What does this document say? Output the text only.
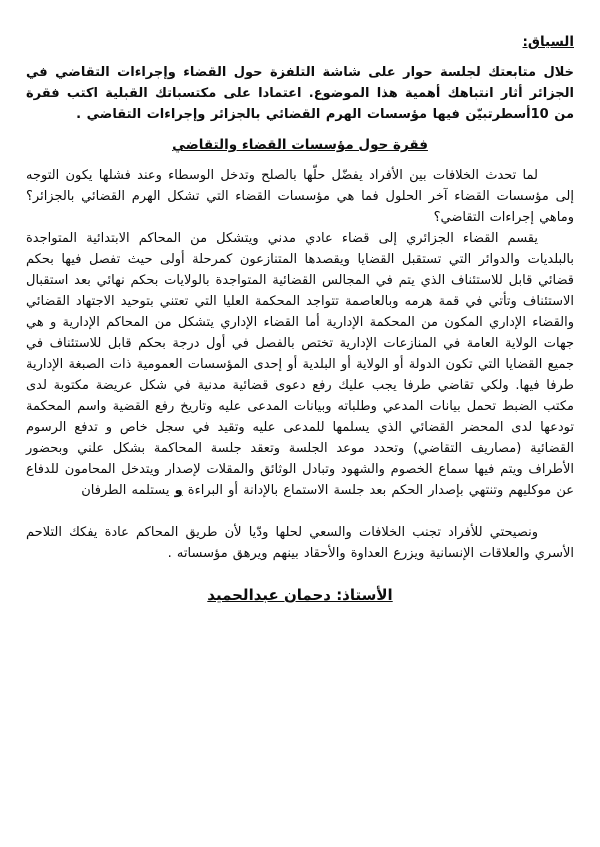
السياق:

خلال متابعتك لجلسة حوار على شاشة التلفزة حول القضاء وإجراءات التقاضي في الجزائر أثار انتباهك أهمية هذا الموضوع. اعتمادا على مكتسباتك القبلية اكتب فقرة من 10أسطرتبيّن فيها مؤسسات الهرم القضائي بالجزائر وإجراءات التقاضي .

فقرة حول مؤسسات القضاء والتقاضي

لما تحدث الخلافات بين الأفراد يفضّل حلّها بالصلح وتدخل الوسطاء وعند فشلها يكون التوجه إلى مؤسسات القضاء آخر الحلول فما هي مؤسسات القضاء التي تشكل الهرم القضائي بالجزائر؟ وماهي إجراءات التقاضي؟

يقسم القضاء الجزائري إلى قضاء عادي مدني ويتشكل من المحاكم الابتدائية المتواجدة بالبلديات والدوائر التي تستقبل القضايا ويقصدها المتنازعون كمرحلة أولى حيث تفصل فيها بحكم قضائي قابل للاستئناف الذي يتم في المجالس القضائية المتواجدة بالولايات بحكم نهائي بعد استقبال الاستئناف وتأتي في قمة هرمه وبالعاصمة تتواجد المحكمة العليا التي تعتني بتوحيد الاجتهاد القضائي والقضاء الإداري المكون من المحكمة الإدارية أما القضاء الإداري يتشكل من المحاكم الإدارية و هي جهات الولاية العامة في المنازعات الإدارية تختص بالفصل في أول درجة بحكم قابل للاستئناف في جميع القضايا التي تكون الدولة أو الولاية أو البلدية أو إحدى المؤسسات العمومية ذات الصبغة الإدارية طرفا فيها. ولكي تقاضي طرفا يجب عليك رفع دعوى قضائية مدنية في شكل عريضة مكتوبة لدى مكتب الضبط تحمل بيانات المدعي وطلباته وبيانات المدعى عليه وتاريخ رفع القضية واسم المحكمة تودعها لدى المحضر القضائي الذي يسلمها للمدعى عليه وتقيد في سجل خاص و تدفع الرسوم القضائية (مصاريف التقاضي) وتحدد موعد الجلسة وتعقد جلسة المحاكمة بشكل علني وبحضور الأطراف ويتم فيها سماع الخصوم والشهود وتبادل الوثائق والمقلات لإصدار ويتدخل المحامون للدفاع عن موكليهم وتنتهي بإصدار الحكم بعد جلسة الاستماع بالإدانة أو البراءة و يستلمه الطرفان

ونصيحتي للأفراد تجنب الخلافات والسعي لحلها ودّيا لأن طريق المحاكم عادة يفكك التلاحم الأسري والعلاقات الإنسانية ويزرع العداوة والأحقاد بينهم ويرهق مؤسساته .

الأستاذ: دحمان عبدالحميد
